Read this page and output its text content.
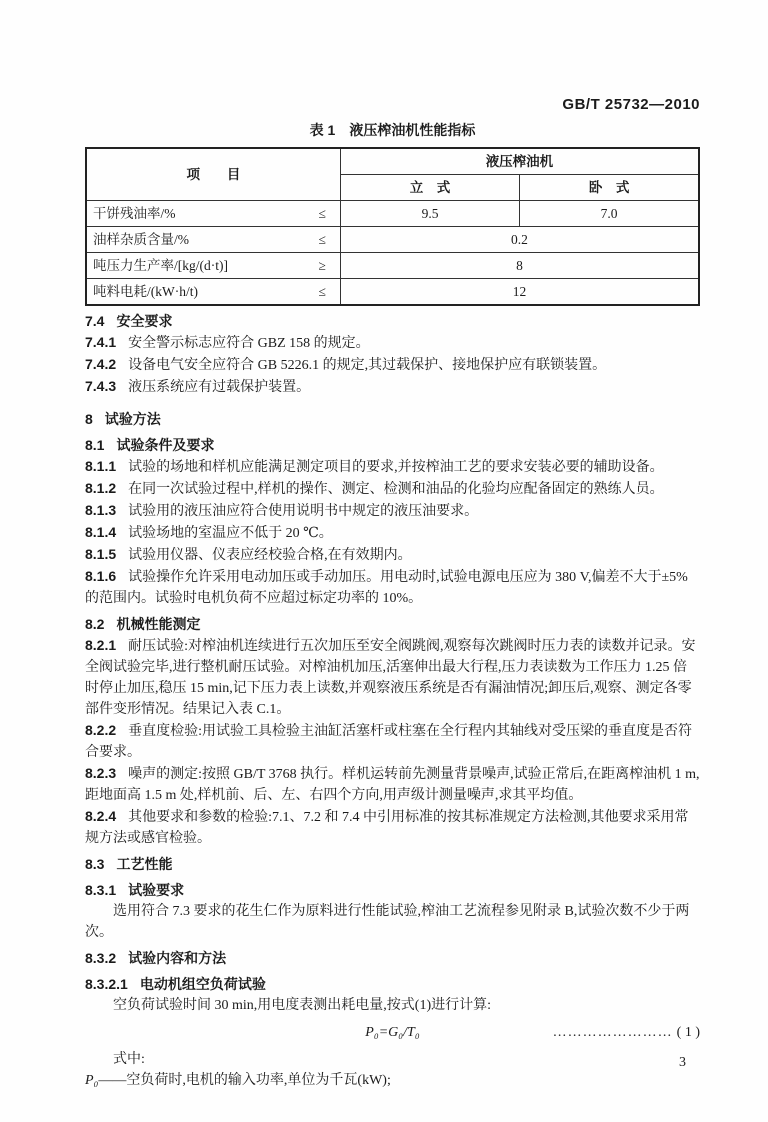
GB/T 25732—2010
表 1　液压榨油机性能指标
项　　目	液压榨油机	
	立　式	卧　式
干饼残油率/% ≤	9.5	7.0
油样杂质含量/% ≤	0.2	
吨压力生产率/[kg/(d·t)] ≥	8	
吨料电耗/(kW·h/t) ≤	12	

7.4 安全要求

7.4.1 安全警示标志应符合 GBZ 158 的规定。

7.4.2 设备电气安全应符合 GB 5226.1 的规定,其过载保护、接地保护应有联锁装置。

7.4.3 液压系统应有过载保护装置。

8 试验方法

8.1 试验条件及要求

8.1.1 试验的场地和样机应能满足测定项目的要求,并按榨油工艺的要求安装必要的辅助设备。

8.1.2 在同一次试验过程中,样机的操作、测定、检测和油品的化验均应配备固定的熟练人员。

8.1.3 试验用的液压油应符合使用说明书中规定的液压油要求。

8.1.4 试验场地的室温应不低于 20 ℃。

8.1.5 试验用仪器、仪表应经校验合格,在有效期内。

8.1.6 试验操作允许采用电动加压或手动加压。用电动时,试验电源电压应为 380 V,偏差不大于±5%的范围内。试验时电机负荷不应超过标定功率的 10%。

8.2 机械性能测定

8.2.1 耐压试验:对榨油机连续进行五次加压至安全阀跳阀,观察每次跳阀时压力表的读数并记录。安全阀试验完毕,进行整机耐压试验。对榨油机加压,活塞伸出最大行程,压力表读数为工作压力 1.25 倍时停止加压,稳压 15 min,记下压力表上读数,并观察液压系统是否有漏油情况;卸压后,观察、测定各零部件变形情况。结果记入表 C.1。

8.2.2 垂直度检验:用试验工具检验主油缸活塞杆或柱塞在全行程内其轴线对受压梁的垂直度是否符合要求。

8.2.3 噪声的测定:按照 GB/T 3768 执行。样机运转前先测量背景噪声,试验正常后,在距离榨油机 1 m,距地面高 1.5 m 处,样机前、后、左、右四个方向,用声级计测量噪声,求其平均值。

8.2.4 其他要求和参数的检验:7.1、7.2 和 7.4 中引用标准的按其标准规定方法检测,其他要求采用常规方法或感官检验。

8.3 工艺性能

8.3.1 试验要求

选用符合 7.3 要求的花生仁作为原料进行性能试验,榨油工艺流程参见附录 B,试验次数不少于两次。

8.3.2 试验内容和方法

8.3.2.1 电动机组空负荷试验

空负荷试验时间 30 min,用电度表测出耗电量,按式(1)进行计算:

P₀=G₀/T₀	…………………… ( 1 )

式中:

P₀——空负荷时,电机的输入功率,单位为千瓦(kW);

3
